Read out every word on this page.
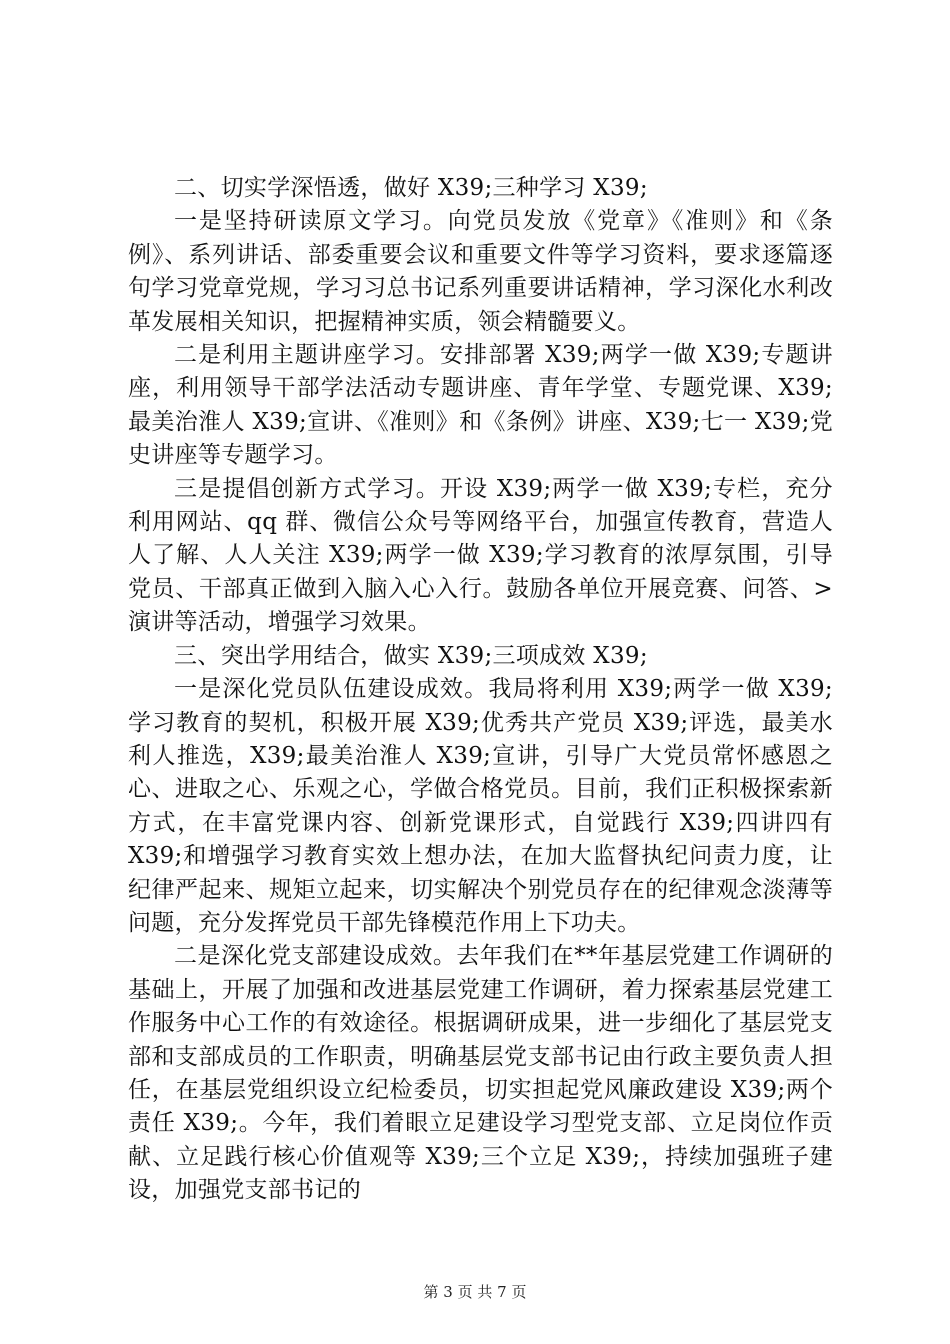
二、切实学深悟透，做好 X39;三种学习 X39;

一是坚持研读原文学习。向党员发放《党章》《准则》和《条例》、系列讲话、部委重要会议和重要文件等学习资料，要求逐篇逐句学习党章党规，学习习总书记系列重要讲话精神，学习深化水利改革发展相关知识，把握精神实质，领会精髓要义。

二是利用主题讲座学习。安排部署 X39;两学一做 X39;专题讲座，利用领导干部学法活动专题讲座、青年学堂、专题党课、X39;最美治淮人 X39;宣讲、《准则》和《条例》讲座、X39;七一 X39;党史讲座等专题学习。

三是提倡创新方式学习。开设 X39;两学一做 X39;专栏，充分利用网站、qq 群、微信公众号等网络平台，加强宣传教育，营造人人了解、人人关注 X39;两学一做 X39;学习教育的浓厚氛围，引导党员、干部真正做到入脑入心入行。鼓励各单位开展竞赛、问答、>演讲等活动，增强学习效果。

三、突出学用结合，做实 X39;三项成效 X39;

一是深化党员队伍建设成效。我局将利用 X39;两学一做 X39;学习教育的契机，积极开展 X39;优秀共产党员 X39;评选，最美水利人推选，X39;最美治淮人 X39;宣讲，引导广大党员常怀感恩之心、进取之心、乐观之心，学做合格党员。目前，我们正积极探索新方式，在丰富党课内容、创新党课形式，自觉践行 X39;四讲四有 X39;和增强学习教育实效上想办法，在加大监督执纪问责力度，让纪律严起来、规矩立起来，切实解决个别党员存在的纪律观念淡薄等问题，充分发挥党员干部先锋模范作用上下功夫。

二是深化党支部建设成效。去年我们在**年基层党建工作调研的基础上，开展了加强和改进基层党建工作调研，着力探索基层党建工作服务中心工作的有效途径。根据调研成果，进一步细化了基层党支部和支部成员的工作职责，明确基层党支部书记由行政主要负责人担任，在基层党组织设立纪检委员，切实担起党风廉政建设 X39;两个责任 X39;。今年，我们着眼立足建设学习型党支部、立足岗位作贡献、立足践行核心价值观等 X39;三个立足 X39;，持续加强班子建设，加强党支部书记的

第 3 页 共 7 页
